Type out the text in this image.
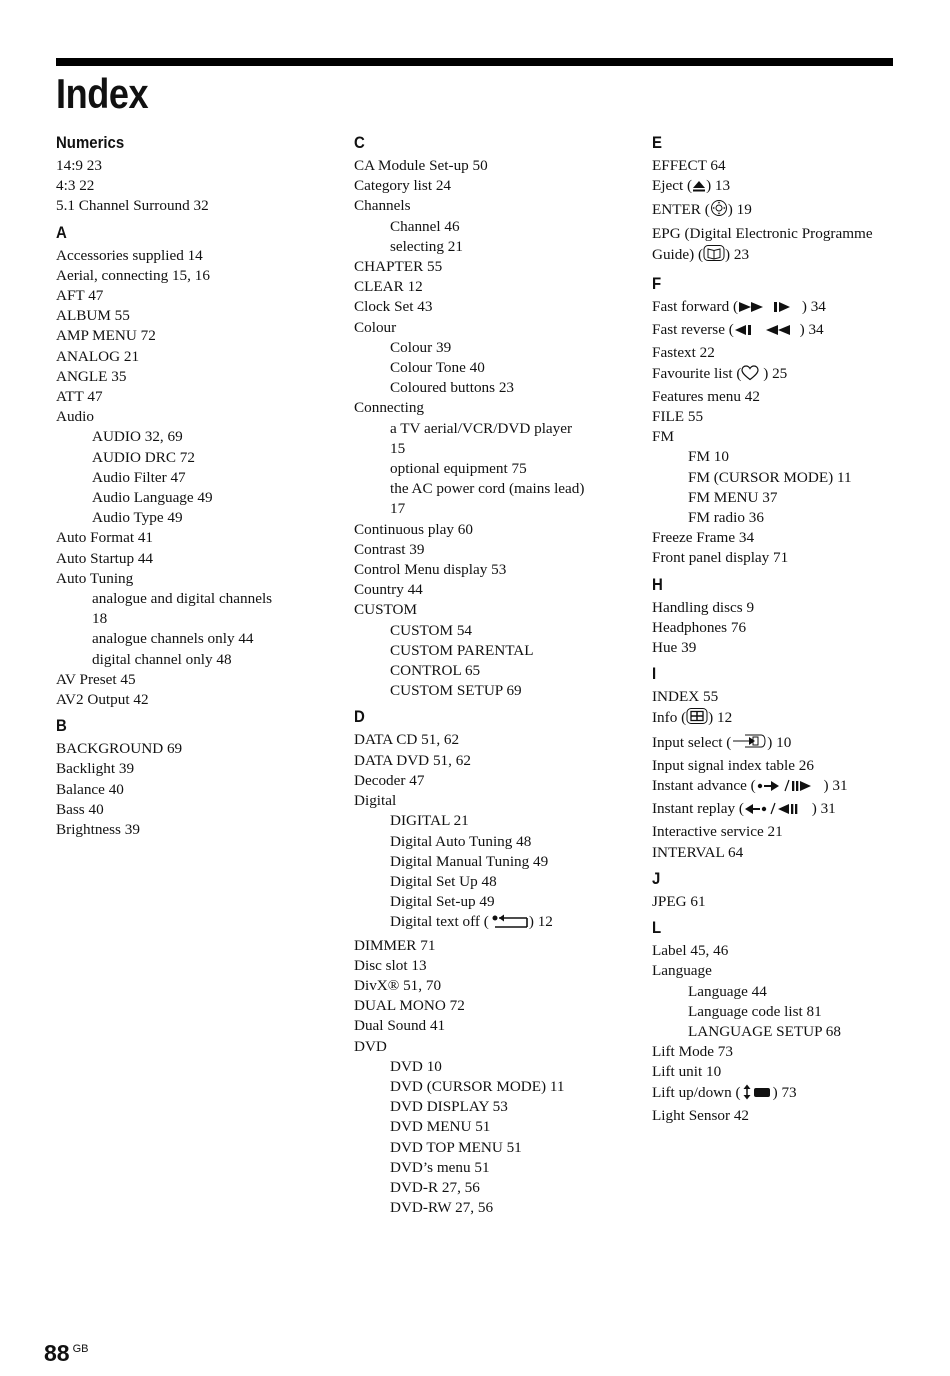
Index
Numerics
14:9 23
4:3 22
5.1 Channel Surround 32
A
Accessories supplied 14
Aerial, connecting 15, 16
AFT 47
ALBUM 55
AMP MENU 72
ANALOG 21
ANGLE 35
ATT 47
Audio
AUDIO 32, 69
AUDIO DRC 72
Audio Filter 47
Audio Language 49
Audio Type 49
Auto Format 41
Auto Startup 44
Auto Tuning
analogue and digital channels
18
analogue channels only 44
digital channel only 48
AV Preset 45
AV2 Output 42
B
BACKGROUND 69
Backlight 39
Balance 40
Bass 40
Brightness 39
C
CA Module Set-up 50
Category list 24
Channels
Channel 46
selecting 21
CHAPTER 55
CLEAR 12
Clock Set 43
Colour
Colour 39
Colour Tone 40
Coloured buttons 23
Connecting
a TV aerial/VCR/DVD player
15
optional equipment 75
the AC power cord (mains lead)
17
Continuous play 60
Contrast 39
Control Menu display 53
Country 44
CUSTOM
CUSTOM 54
CUSTOM PARENTAL
CONTROL 65
CUSTOM SETUP 69
D
DATA CD 51, 62
DATA DVD 51, 62
Decoder 47
Digital
DIGITAL 21
Digital Auto Tuning 48
Digital Manual Tuning 49
Digital Set Up 48
Digital Set-up 49
Digital text off (	) 12
DIMMER 71
Disc slot 13
DivX® 51, 70
DUAL MONO 72
Dual Sound 41
DVD
DVD 10
DVD (CURSOR MODE) 11
DVD DISPLAY 53
DVD MENU 51
DVD TOP MENU 51
DVD’s menu 51
DVD-R 27, 56
DVD-RW 27, 56
E
EFFECT 64
Eject ( ) 13
ENTER ( ) 19
EPG (Digital Electronic Programme
Guide) ( ) 23
F
Fast forward (	) 34
Fast reverse (	) 34
Fastext 22
Favourite list ( ) 25
Features menu 42
FILE 55
FM
FM 10
FM (CURSOR MODE) 11
FM MENU 37
FM radio 36
Freeze Frame 34
Front panel display 71
H
Handling discs 9
Headphones 76
Hue 39
I
INDEX 55
Info ( ) 12
Input select ( ) 10
Input signal index table 26
Instant advance (	) 31
Instant replay (	) 31
Interactive service 21
INTERVAL 64
J
JPEG 61
L
Label 45, 46
Language
Language 44
Language code list 81
LANGUAGE SETUP 68
Lift Mode 73
Lift unit 10
Lift up/down ( ) 73
Light Sensor 42
88 $^{GB}$
